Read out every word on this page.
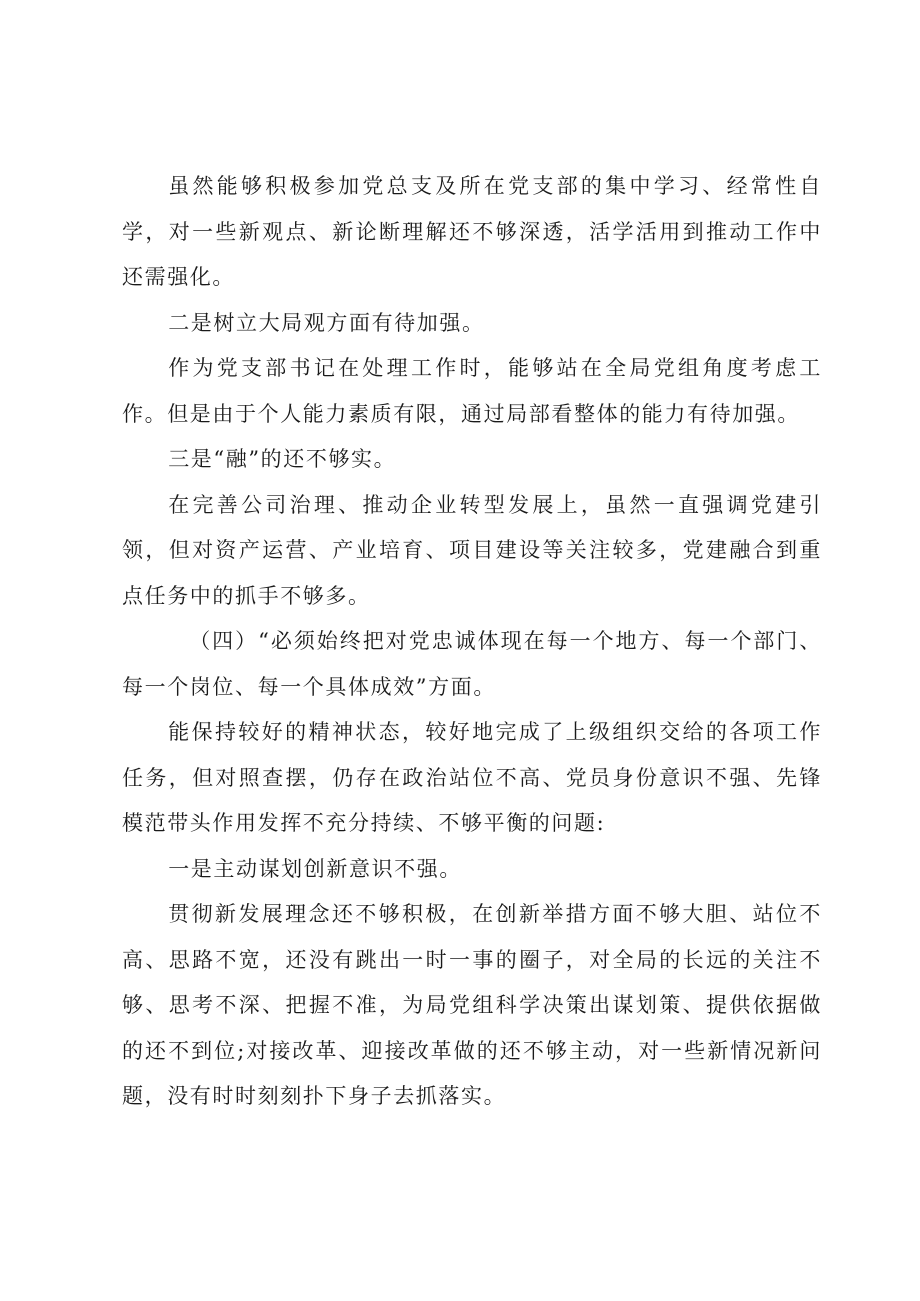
虽然能够积极参加党总支及所在党支部的集中学习、经常性自学，对一些新观点、新论断理解还不够深透，活学活用到推动工作中还需强化。

二是树立大局观方面有待加强。

作为党支部书记在处理工作时，能够站在全局党组角度考虑工作。但是由于个人能力素质有限，通过局部看整体的能力有待加强。

三是“融”的还不够实。

在完善公司治理、推动企业转型发展上，虽然一直强调党建引领，但对资产运营、产业培育、项目建设等关注较多，党建融合到重点任务中的抓手不够多。

（四）“必须始终把对党忠诚体现在每一个地方、每一个部门、每一个岗位、每一个具体成效”方面。

能保持较好的精神状态，较好地完成了上级组织交给的各项工作任务，但对照查摆，仍存在政治站位不高、党员身份意识不强、先锋模范带头作用发挥不充分持续、不够平衡的问题:

一是主动谋划创新意识不强。

贯彻新发展理念还不够积极，在创新举措方面不够大胆、站位不高、思路不宽，还没有跳出一时一事的圈子，对全局的长远的关注不够、思考不深、把握不准，为局党组科学决策出谋划策、提供依据做的还不到位;对接改革、迎接改革做的还不够主动，对一些新情况新问题，没有时时刻刻扑下身子去抓落实。
